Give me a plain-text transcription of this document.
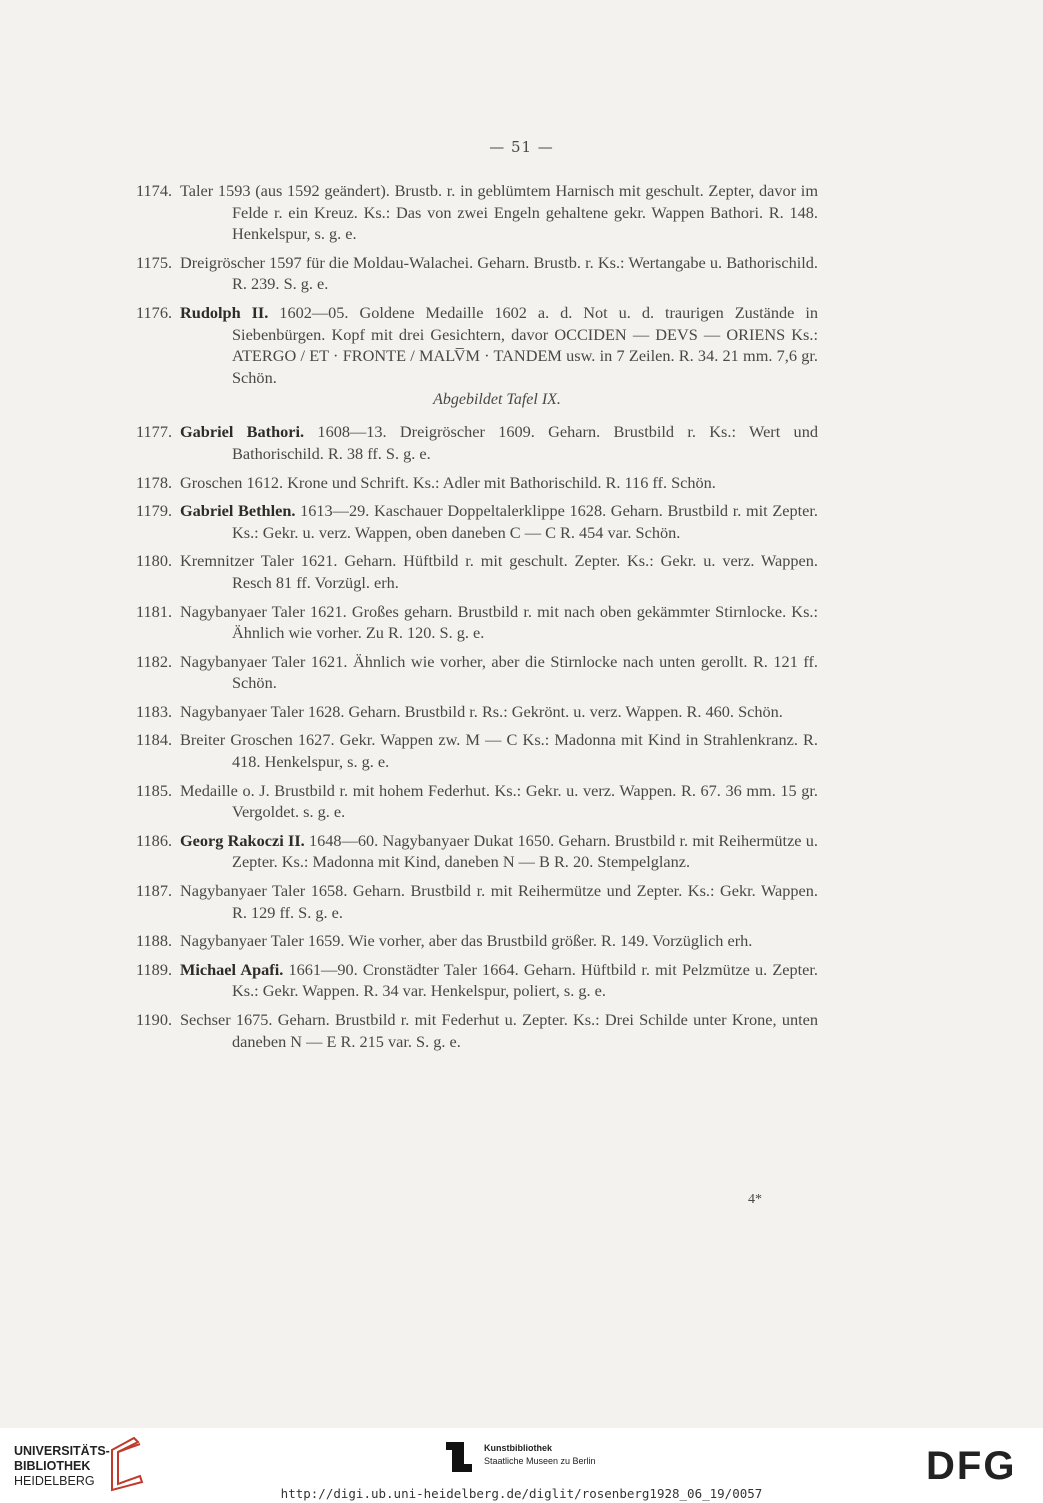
— 51 —
1174. Taler 1593 (aus 1592 geändert). Brustb. r. in geblümtem Harnisch mit geschult. Zepter, davor im Felde r. ein Kreuz. Ks.: Das von zwei Engeln gehaltene gekr. Wappen Bathori. R. 148. Henkelspur, s. g. e.
1175. Dreigröscher 1597 für die Moldau-Walachei. Geharn. Brustb. r. Ks.: Wertangabe u. Bathorischild. R. 239. S. g. e.
1176. Rudolph II. 1602—05. Goldene Medaille 1602 a. d. Not u. d. traurigen Zustände in Siebenbürgen. Kopf mit drei Gesichtern, davor OCCIDEN — DEVS — ORIENS Ks.: ATERGO / ET · FRONTE / MALV̅M · TANDEM usw. in 7 Zeilen. R. 34. 21 mm. 7,6 gr. Schön.
Abgebildet Tafel IX.
1177. Gabriel Bathori. 1608—13. Dreigröscher 1609. Geharn. Brustbild r. Ks.: Wert und Bathorischild. R. 38 ff. S. g. e.
1178. Groschen 1612. Krone und Schrift. Ks.: Adler mit Bathorischild. R. 116 ff. Schön.
1179. Gabriel Bethlen. 1613—29. Kaschauer Doppeltalerklippe 1628. Geharn. Brustbild r. mit Zepter. Ks.: Gekr. u. verz. Wappen, oben daneben C — C R. 454 var. Schön.
1180. Kremnitzer Taler 1621. Geharn. Hüftbild r. mit geschult. Zepter. Ks.: Gekr. u. verz. Wappen. Resch 81 ff. Vorzügl. erh.
1181. Nagybanyaer Taler 1621. Großes geharn. Brustbild r. mit nach oben gekämmter Stirnlocke. Ks.: Ähnlich wie vorher. Zu R. 120. S. g. e.
1182. Nagybanyaer Taler 1621. Ähnlich wie vorher, aber die Stirnlocke nach unten gerollt. R. 121 ff. Schön.
1183. Nagybanyaer Taler 1628. Geharn. Brustbild r. Rs.: Gekrönt. u. verz. Wappen. R. 460. Schön.
1184. Breiter Groschen 1627. Gekr. Wappen zw. M — C Ks.: Madonna mit Kind in Strahlenkranz. R. 418. Henkelspur, s. g. e.
1185. Medaille o. J. Brustbild r. mit hohem Federhut. Ks.: Gekr. u. verz. Wappen. R. 67. 36 mm. 15 gr. Vergoldet. s. g. e.
1186. Georg Rakoczi II. 1648—60. Nagybanyaer Dukat 1650. Geharn. Brustbild r. mit Reihermütze u. Zepter. Ks.: Madonna mit Kind, daneben N — B R. 20. Stempelglanz.
1187. Nagybanyaer Taler 1658. Geharn. Brustbild r. mit Reihermütze und Zepter. Ks.: Gekr. Wappen. R. 129 ff. S. g. e.
1188. Nagybanyaer Taler 1659. Wie vorher, aber das Brustbild größer. R. 149. Vorzüglich erh.
1189. Michael Apafi. 1661—90. Cronstädter Taler 1664. Geharn. Hüftbild r. mit Pelzmütze u. Zepter. Ks.: Gekr. Wappen. R. 34 var. Henkelspur, poliert, s. g. e.
1190. Sechser 1675. Geharn. Brustbild r. mit Federhut u. Zepter. Ks.: Drei Schilde unter Krone, unten daneben N — E R. 215 var. S. g. e.
4*
UNIVERSITÄTS-
BIBLIOTHEK
HEIDELBERG
Kunstbibliothek
Staatliche Museen zu Berlin	DFG
http://digi.ub.uni-heidelberg.de/diglit/rosenberg1928_06_19/0057
